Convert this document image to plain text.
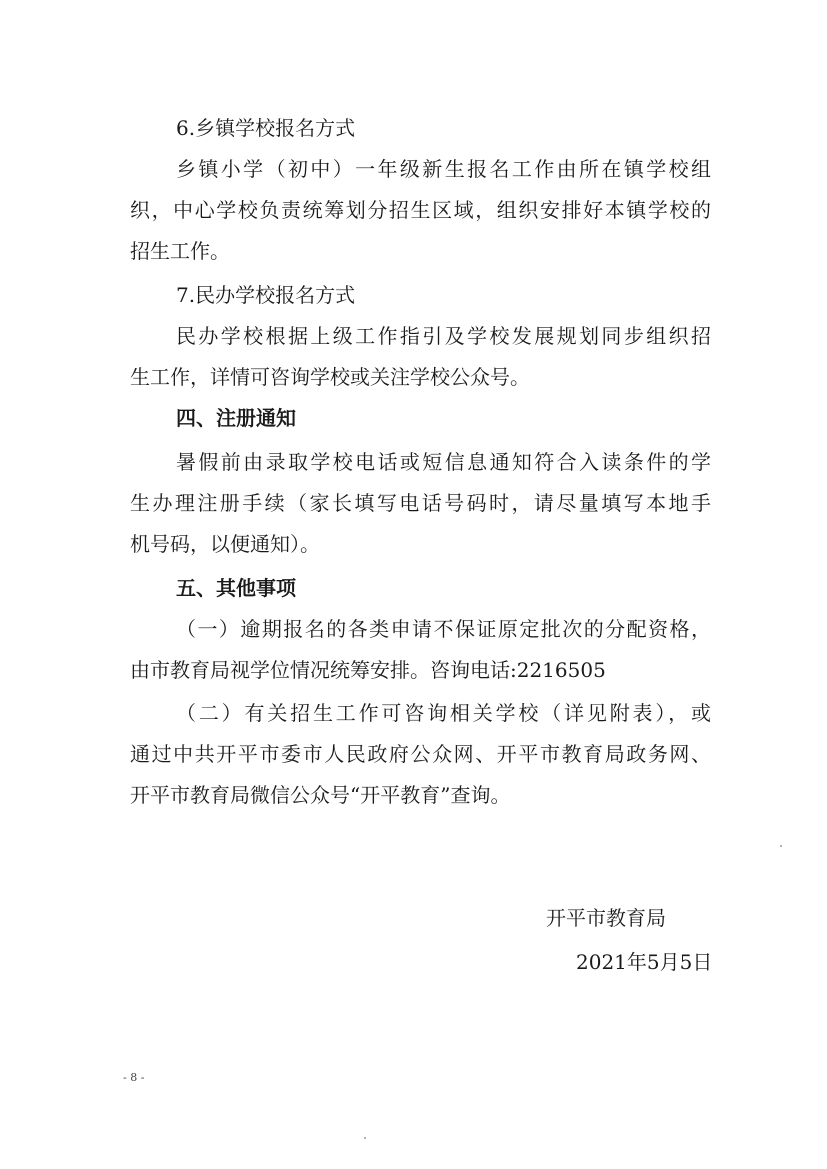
6.乡镇学校报名方式
乡镇小学（初中）一年级新生报名工作由所在镇学校组
织，中心学校负责统筹划分招生区域，组织安排好本镇学校的
招生工作。
7.民办学校报名方式
民办学校根据上级工作指引及学校发展规划同步组织招
生工作，详情可咨询学校或关注学校公众号。
四、注册通知
暑假前由录取学校电话或短信息通知符合入读条件的学
生办理注册手续（家长填写电话号码时，请尽量填写本地手
机号码，以便通知）。
五、其他事项
（一）逾期报名的各类申请不保证原定批次的分配资格，
由市教育局视学位情况统筹安排。咨询电话:2216505
（二）有关招生工作可咨询相关学校（详见附表），或
通过中共开平市委市人民政府公众网、开平市教育局政务网、
开平市教育局微信公众号“开平教育”查询。
开平市教育局
2021年5月5日
- 8 -
